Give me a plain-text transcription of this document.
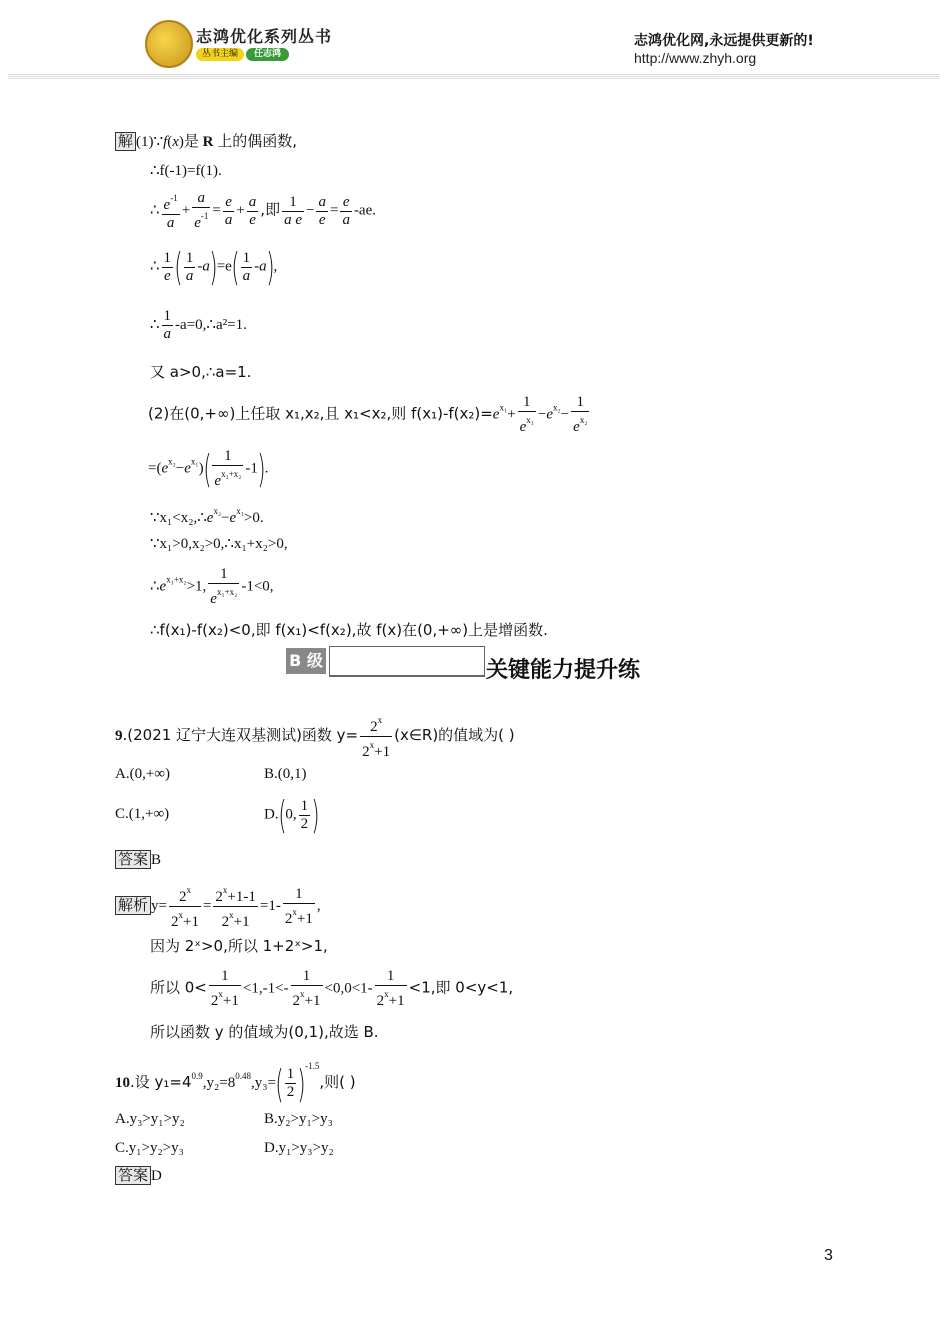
志鸿优化系列丛书
丛书主编	任志鸿
志鸿优化网,永远提供更新的!
http://www.zhyh.org
解 (1)∵f(x)是 R 上的偶函数,
∴f(-1)=f(1).
∴ $\frac{e^{-1}}{a} + \frac{a}{e^{-1}} = \frac{e}{a} + \frac{a}{e}$ ,即 $\frac{1}{\text{a e}} - \frac{a}{e} = \frac{e}{a} -ae$.
∴ $\frac{1}{e}$ ( $\frac{1}{a} -a)=e( \frac{1}{a} -a)$,
∴ $\frac{1}{a}$ -a=0,∴a²=1.
又 a>0,∴a=1.
(2)在(0,+∞)上任取 x₁,x₂,且 x₁<x₂,则 $f(x_1)-f(x_2)=e^{x_1}+ \frac{1}{e^{x_1}} -e^{x_2}- \frac{1}{e^{x_2}}$
$=(e^{x_2}-e^{x_1})( \frac{1}{e^{x_1+x_2}} -1)$.
$\because x_1<x_2,\therefore e^{x_2}-e^{x_1}>0$.
∵x₁>0,x₂>0,∴x₁+x₂>0,
$\therefore e^{x_1+x_2}>1$, $\frac{1}{e^{x_1+x_2}} -1<0$,
∴f(x₁)-f(x₂)<0,即 f(x₁)<f(x₂),故 f(x)在(0,+∞)上是增函数.
B 级	关键能力提升练
9.(2021 辽宁大连双基测试)函数 $y= \frac{2^x}{2^x+1}$ (x∈R)的值域为( )
A.(0,+∞)	B.(0,1)
C.(1,+∞)	D.(0, $\frac{1}{2}$ )
答案 B
解析 $y= \frac{2^x}{2^x+1} = \frac{2^x+1-1}{2^x+1} =1- \frac{1}{2^x+1}$ ,
因为 2ˣ>0,所以 1+2ˣ>1,
所以 $0< \frac{1}{2^x+1} <1,-1<- \frac{1}{2^x+1} <0,0<1- \frac{1}{2^x+1} <1$,即 0<y<1,
所以函数 y 的值域为(0,1),故选 B.
10.设 $y_1=4^{0.9},y_2=8^{0.48},y_3=( \frac{1}{2} )^{-1.5}$,则( )
A.y₃>y₁>y₂	B.y₂>y₁>y₃
C.y₁>y₂>y₃	D.y₁>y₃>y₂
答案 D
3
